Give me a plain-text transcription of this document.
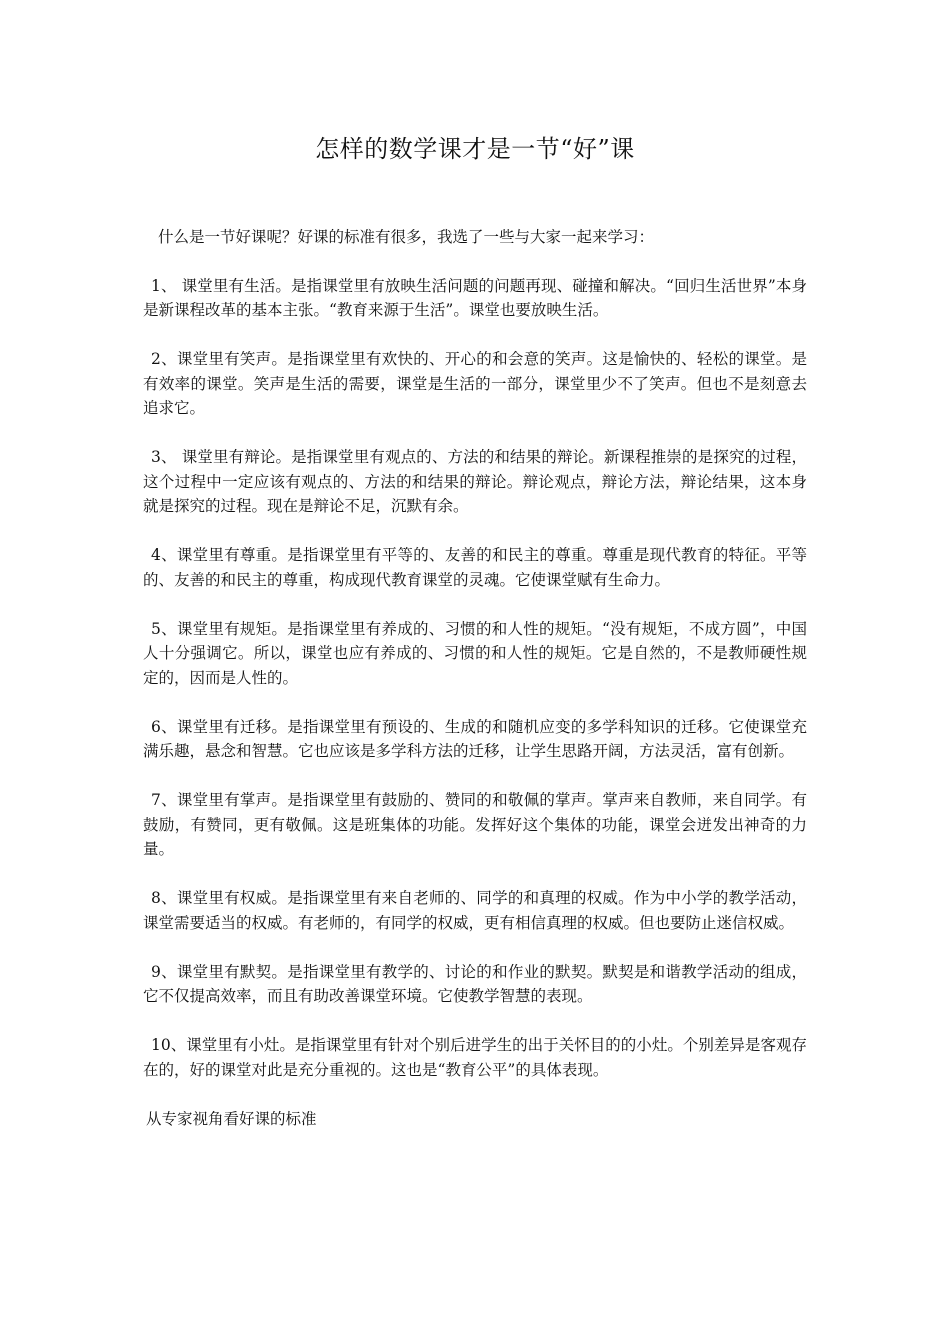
怎样的数学课才是一节“好”课

什么是一节好课呢？好课的标准有很多，我选了一些与大家一起来学习：

1、 课堂里有生活。是指课堂里有放映生活问题的问题再现、碰撞和解决。“回归生活世界”本身是新课程改革的基本主张。“教育来源于生活”。课堂也要放映生活。

2、课堂里有笑声。是指课堂里有欢快的、开心的和会意的笑声。这是愉快的、轻松的课堂。是有效率的课堂。笑声是生活的需要，课堂是生活的一部分，课堂里少不了笑声。但也不是刻意去追求它。

3、 课堂里有辩论。是指课堂里有观点的、方法的和结果的辩论。新课程推崇的是探究的过程，这个过程中一定应该有观点的、方法的和结果的辩论。辩论观点，辩论方法，辩论结果，这本身就是探究的过程。现在是辩论不足，沉默有余。

4、课堂里有尊重。是指课堂里有平等的、友善的和民主的尊重。尊重是现代教育的特征。平等的、友善的和民主的尊重，构成现代教育课堂的灵魂。它使课堂赋有生命力。

5、课堂里有规矩。是指课堂里有养成的、习惯的和人性的规矩。“没有规矩，不成方圆”，中国人十分强调它。所以，课堂也应有养成的、习惯的和人性的规矩。它是自然的，不是教师硬性规定的，因而是人性的。

6、课堂里有迁移。是指课堂里有预设的、生成的和随机应变的多学科知识的迁移。它使课堂充满乐趣，悬念和智慧。它也应该是多学科方法的迁移，让学生思路开阔，方法灵活，富有创新。

7、课堂里有掌声。是指课堂里有鼓励的、赞同的和敬佩的掌声。掌声来自教师，来自同学。有鼓励，有赞同，更有敬佩。这是班集体的功能。发挥好这个集体的功能，课堂会迸发出神奇的力量。

8、课堂里有权威。是指课堂里有来自老师的、同学的和真理的权威。作为中小学的教学活动，课堂需要适当的权威。有老师的，有同学的权威，更有相信真理的权威。但也要防止迷信权威。

9、课堂里有默契。是指课堂里有教学的、讨论的和作业的默契。默契是和谐教学活动的组成，它不仅提高效率，而且有助改善课堂环境。它使教学智慧的表现。

10、课堂里有小灶。是指课堂里有针对个别后进学生的出于关怀目的的小灶。个别差异是客观存在的，好的课堂对此是充分重视的。这也是“教育公平”的具体表现。

从专家视角看好课的标准
